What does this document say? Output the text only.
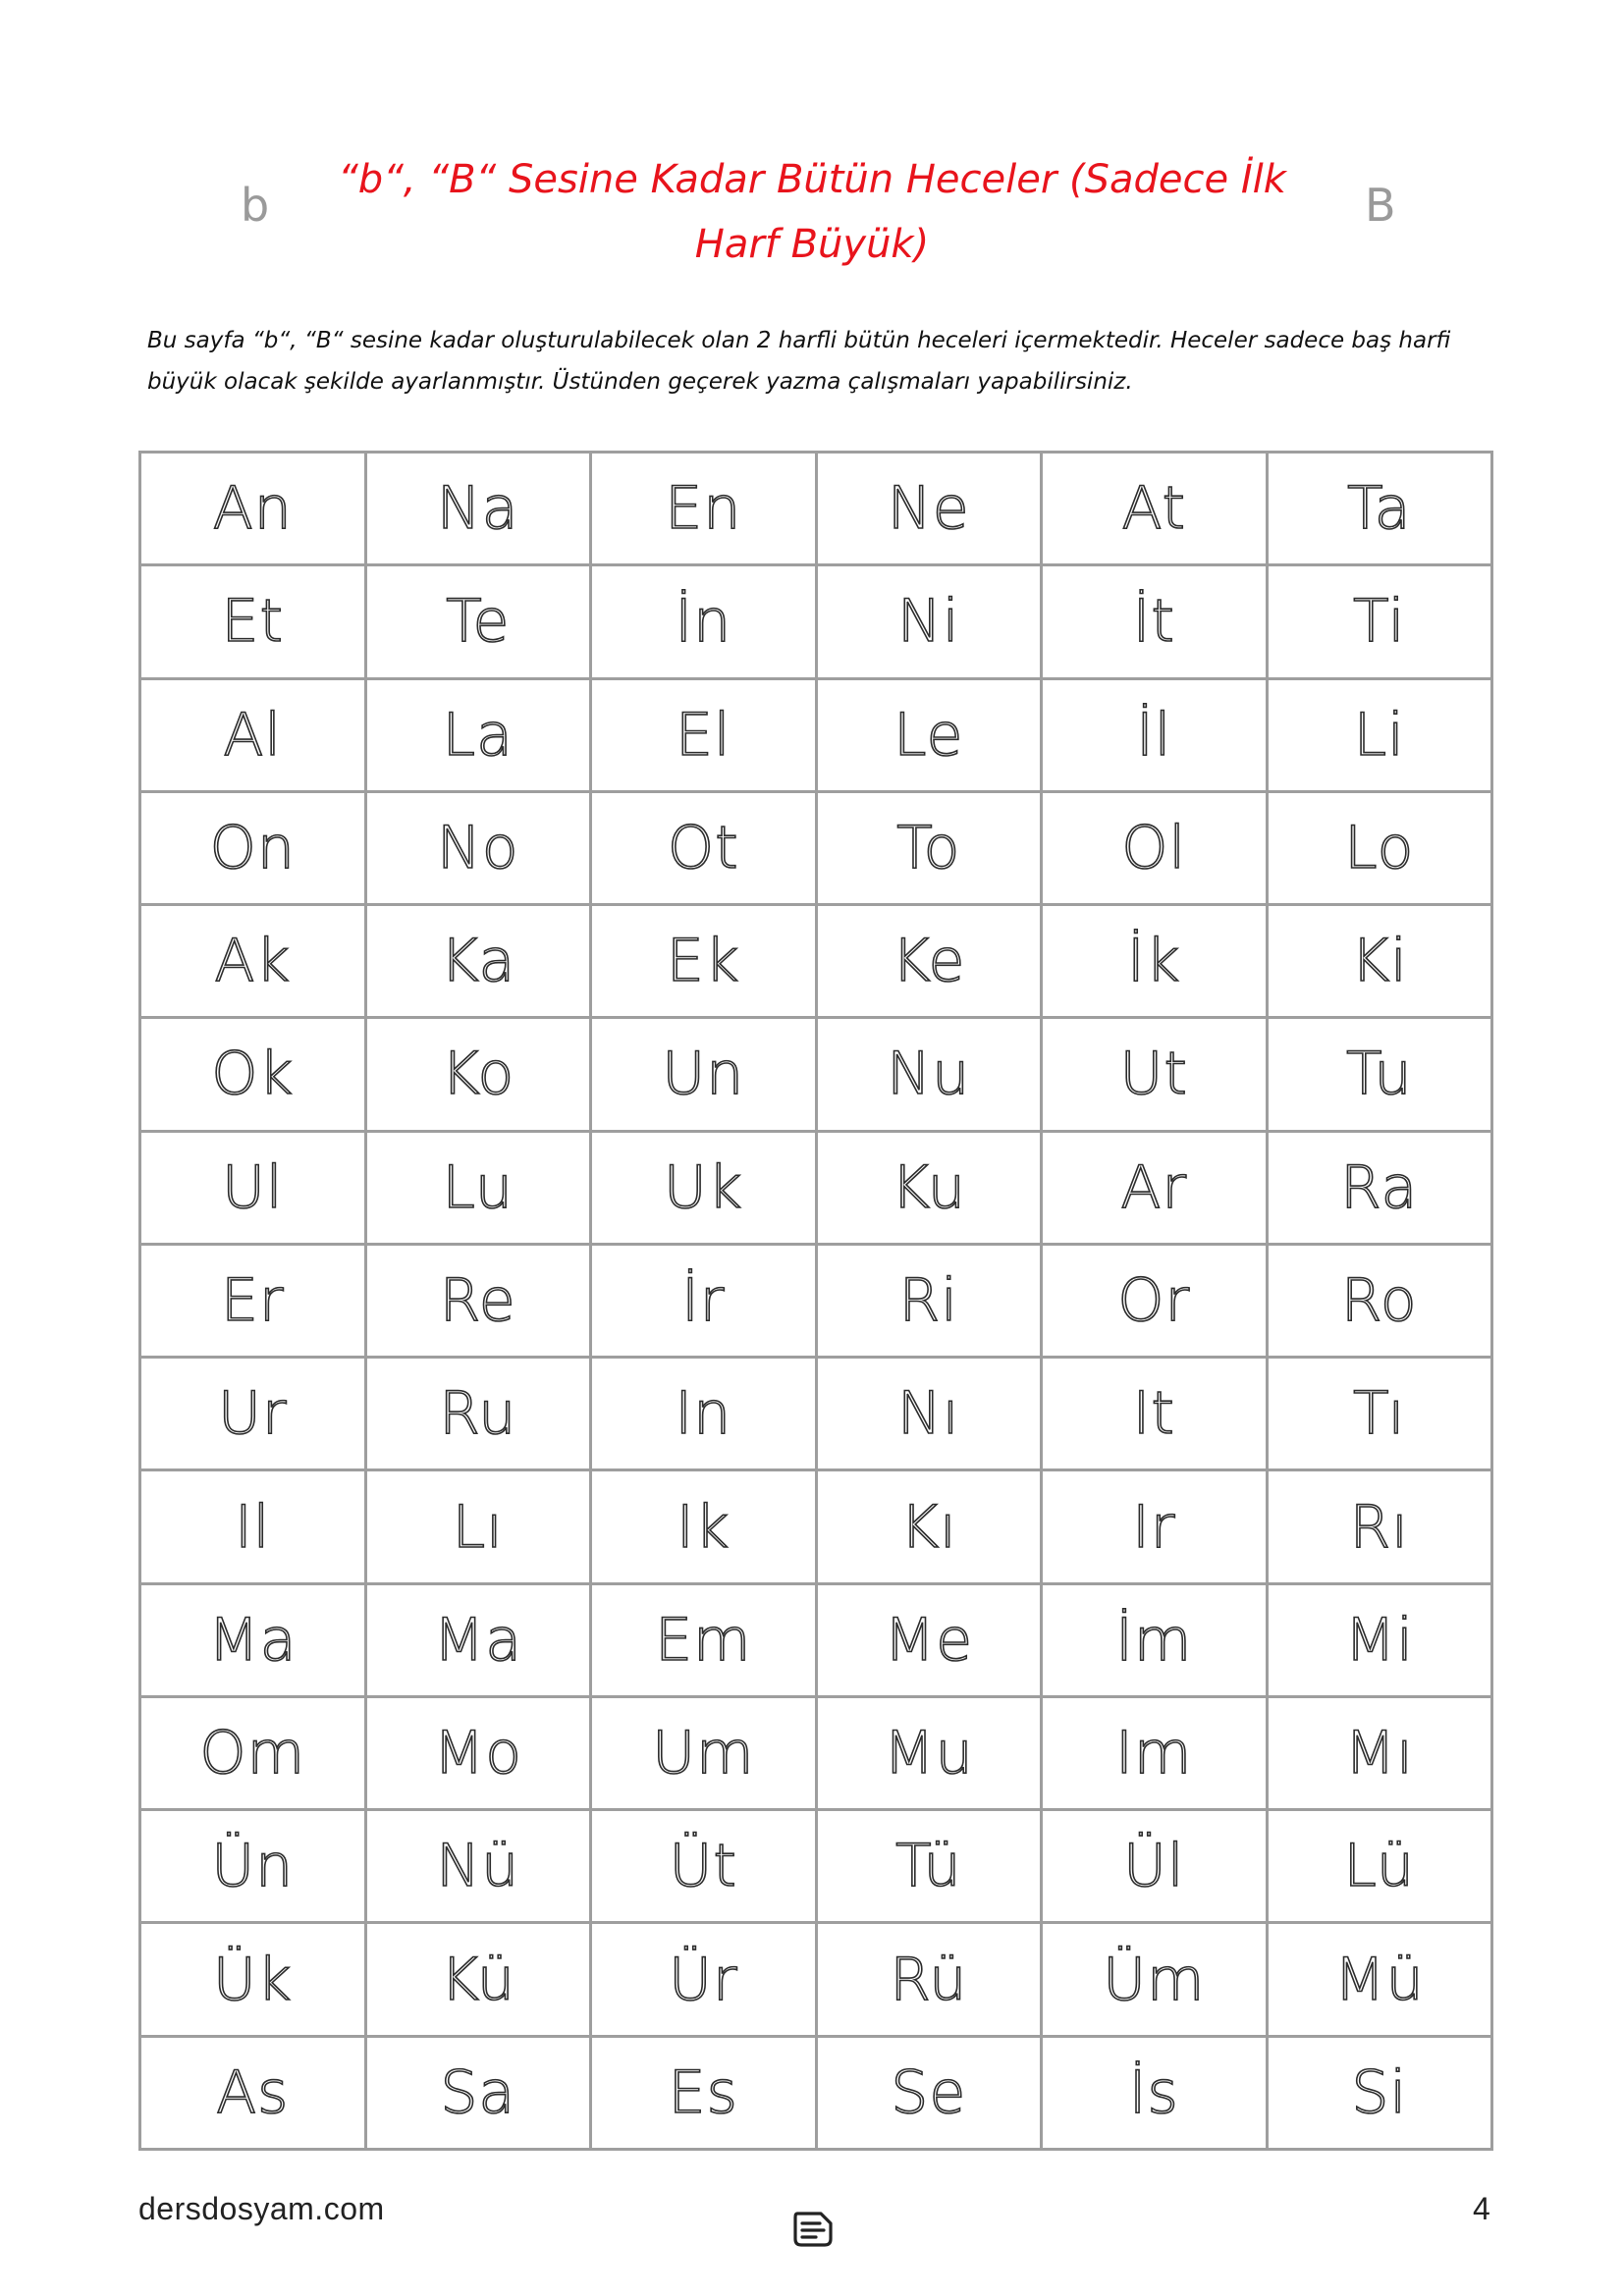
b	B
“b“, “B“ Sesine Kadar Bütün Heceler (Sadece İlk
Harf Büyük)
Bu sayfa “b“, “B“ sesine kadar oluşturulabilecek olan 2 harfli bütün heceleri içermektedir. Heceler sadece baş harfi büyük olacak şekilde ayarlanmıştır. Üstünden geçerek yazma çalışmaları yapabilirsiniz.
An	Na	En	Ne	At	Ta
Et	Te	İn	Ni	İt	Ti
Al	La	El	Le	İl	Li
On	No	Ot	To	Ol	Lo
Ak	Ka	Ek	Ke	İk	Ki
Ok	Ko	Un	Nu	Ut	Tu
Ul	Lu	Uk	Ku	Ar	Ra
Er	Re	İr	Ri	Or	Ro
Ur	Ru	In	Nı	It	Tı
Il	Lı	Ik	Kı	Ir	Rı
Ma	Ma	Em	Me	İm	Mi
Om	Mo	Um	Mu	Im	Mı
Ün	Nü	Üt	Tü	Ül	Lü
Ük	Kü	Ür	Rü	Üm	Mü
As	Sa	Es	Se	İs	Si
dersdosyam.com	4
